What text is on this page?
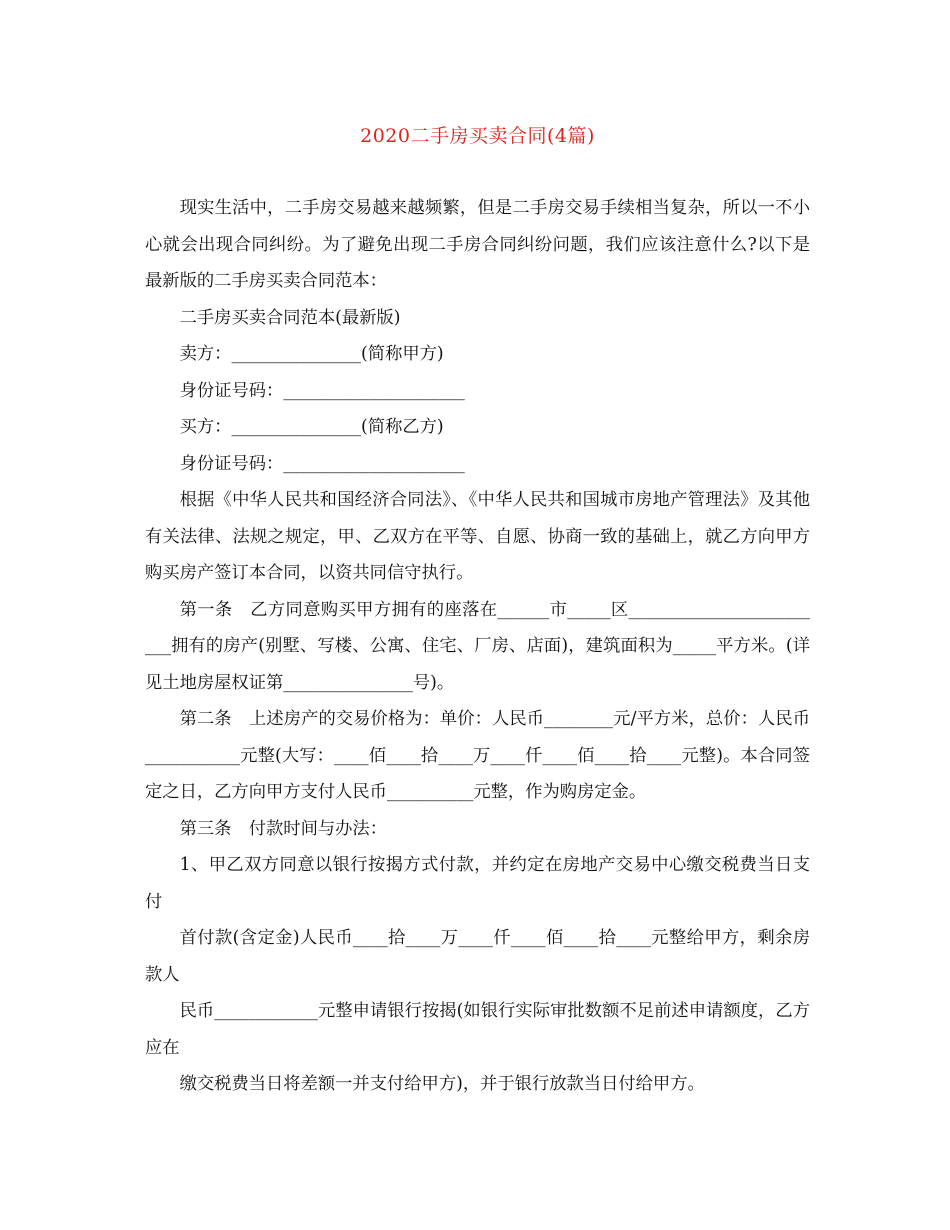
2020二手房买卖合同(4篇)

现实生活中，二手房交易越来越频繁，但是二手房交易手续相当复杂，所以一不小心就会出现合同纠纷。为了避免出现二手房合同纠纷问题，我们应该注意什么?以下是最新版的二手房买卖合同范本：

二手房买卖合同范本(最新版)

卖方：_______________(简称甲方)

身份证号码：_____________________

买方：_______________(简称乙方)

身份证号码：_____________________

根据《中华人民共和国经济合同法》、《中华人民共和国城市房地产管理法》及其他有关法律、法规之规定，甲、乙双方在平等、自愿、协商一致的基础上，就乙方向甲方购买房产签订本合同，以资共同信守执行。

第一条　乙方同意购买甲方拥有的座落在______市_____区________________________拥有的房产(别墅、写楼、公寓、住宅、厂房、店面)，建筑面积为_____平方米。(详见土地房屋权证第_______________号)。

第二条　上述房产的交易价格为：单价：人民币________元/平方米，总价：人民币___________元整(大写：____佰____拾____万____仟____佰____拾____元整)。本合同签定之日，乙方向甲方支付人民币__________元整，作为购房定金。

第三条　付款时间与办法：

1、甲乙双方同意以银行按揭方式付款，并约定在房地产交易中心缴交税费当日支付

首付款(含定金)人民币____拾____万____仟____佰____拾____元整给甲方，剩余房款人

民币____________元整申请银行按揭(如银行实际审批数额不足前述申请额度，乙方应在

缴交税费当日将差额一并支付给甲方)，并于银行放款当日付给甲方。
